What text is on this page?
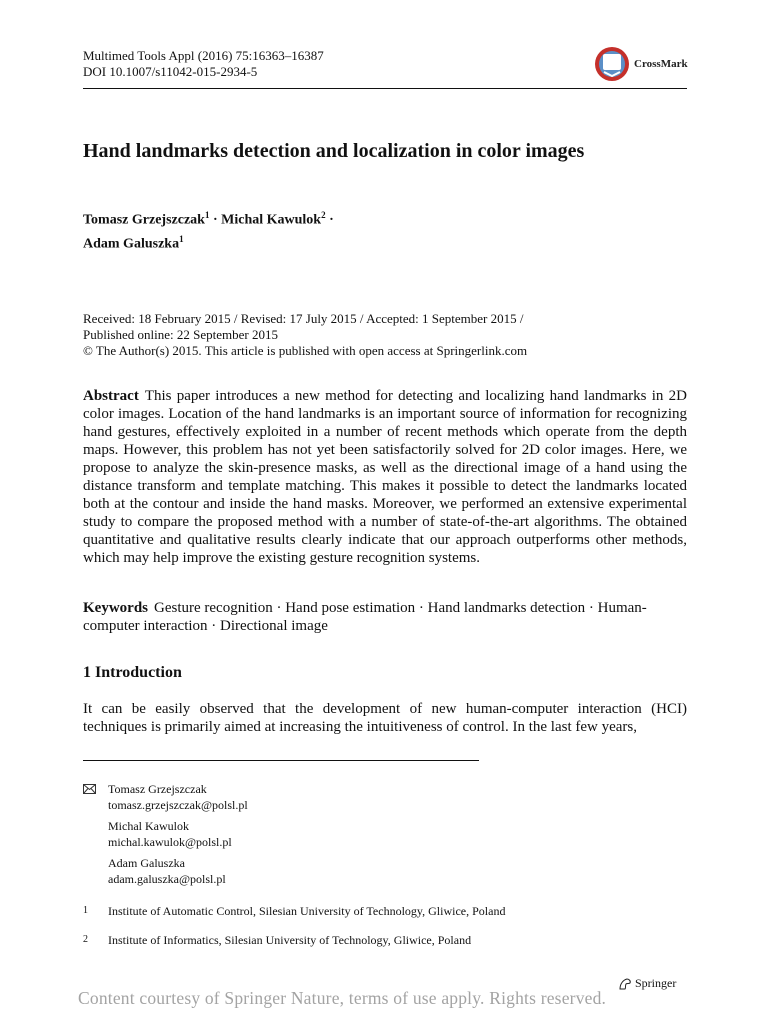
Multimed Tools Appl (2016) 75:16363–16387
DOI 10.1007/s11042-015-2934-5	CrossMark
Hand landmarks detection and localization in color images
Tomasz Grzejszczak$^1$ · Michal Kawulok$^2$ ·
Adam Galuszka$^1$
Received: 18 February 2015 / Revised: 17 July 2015 / Accepted: 1 September 2015 /
Published online: 22 September 2015
© The Author(s) 2015. This article is published with open access at Springerlink.com
Abstract This paper introduces a new method for detecting and localizing hand landmarks in 2D color images. Location of the hand landmarks is an important source of information for recognizing hand gestures, effectively exploited in a number of recent methods which operate from the depth maps. However, this problem has not yet been satisfactorily solved for 2D color images. Here, we propose to analyze the skin-presence masks, as well as the directional image of a hand using the distance transform and template matching. This makes it possible to detect the landmarks located both at the contour and inside the hand masks. Moreover, we performed an extensive experimental study to compare the proposed method with a number of state-of-the-art algorithms. The obtained quantitative and qualitative results clearly indicate that our approach outperforms other methods, which may help improve the existing gesture recognition systems.
Keywords Gesture recognition · Hand pose estimation · Hand landmarks detection · Human-computer interaction · Directional image
1 Introduction
It can be easily observed that the development of new human-computer interaction (HCI) techniques is primarily aimed at increasing the intuitiveness of control. In the last few years,
Tomasz Grzejszczak
tomasz.grzejszczak@polsl.pl
Michal Kawulok
michal.kawulok@polsl.pl
Adam Galuszka
adam.galuszka@polsl.pl
1 Institute of Automatic Control, Silesian University of Technology, Gliwice, Poland
2 Institute of Informatics, Silesian University of Technology, Gliwice, Poland
Springer
Content courtesy of Springer Nature, terms of use apply. Rights reserved.
